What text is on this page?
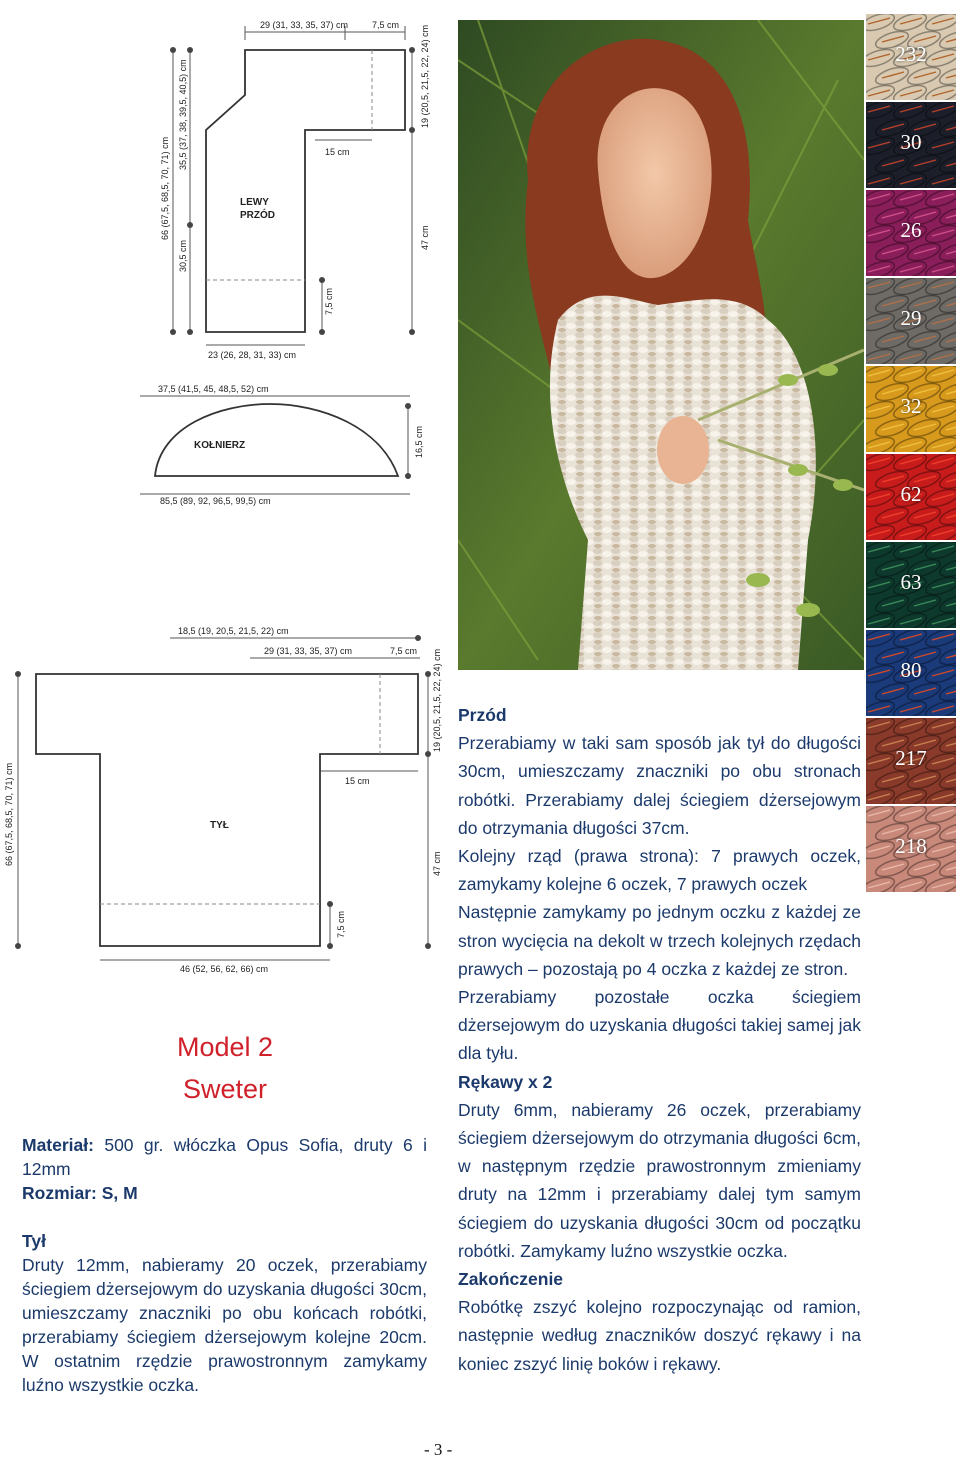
29 (31, 33, 35, 37) cm	7,5 cm
66 (67,5, 68,5, 70, 71) cm
35,5 (37, 38, 39,5, 40,5) cm
30,5 cm
19 (20,5, 21,5, 22, 24) cm
15 cm
47 cm
7,5 cm
23 (26, 28, 31, 33) cm
LEWY
PRZÓD
37,5 (41,5, 45, 48,5, 52) cm
KOŁNIERZ	16,5 cm
85,5 (89, 92, 96,5, 99,5) cm
18,5 (19, 20,5, 21,5, 22) cm
29 (31, 33, 35, 37) cm	7,5 cm 19 (20,5, 21,5, 22, 24) cm
15 cm
66 (67,5, 68,5, 70, 71) cm	TYŁ
47 cm
7,5 cm
46 (52, 56, 62, 66) cm
Model 2
Sweter
Materiał: 500 gr. włóczka Opus Sofia, druty 6 i 12mm
Rozmiar: S, M
Tył
Druty 12mm, nabieramy 20 oczek, przerabiamy ściegiem dżersejowym do uzyskania długości 30cm, umieszczamy znaczniki po obu końcach robótki, przerabiamy ściegiem dżersejowym kolejne 20cm. W ostatnim rzędzie prawostronnym zamykamy luźno wszystkie oczka.
Przód
Przerabiamy w taki sam sposób jak tył do długości 30cm, umieszczamy znaczniki po obu stronach robótki. Przerabiamy dalej ściegiem dżersejowym do otrzymania długości 37cm.
Kolejny rząd (prawa strona): 7 prawych oczek, zamykamy kolejne 6 oczek, 7 prawych oczek
Następnie zamykamy po jednym oczku z każdej ze stron wycięcia na dekolt w trzech kolejnych rzędach prawych – pozostają po 4 oczka z każdej ze stron.
Przerabiamy pozostałe oczka ściegiem dżersejowym do uzyskania długości takiej samej jak dla tyłu.
Rękawy x 2
Druty 6mm, nabieramy 26 oczek, przerabiamy ściegiem dżersejowym do otrzymania długości 6cm, w następnym rzędzie prawostronnym zmieniamy druty na 12mm i przerabiamy dalej tym samym ściegiem do uzyskania długości 30cm od początku robótki. Zamykamy luźno wszystkie oczka.
Zakończenie
Robótkę zszyć kolejno rozpoczynając od ramion, następnie według znaczników doszyć rękawy i na koniec zszyć linię boków i rękawy.
232
30
26
29
32
62
63
80
217
218
- 3 -
